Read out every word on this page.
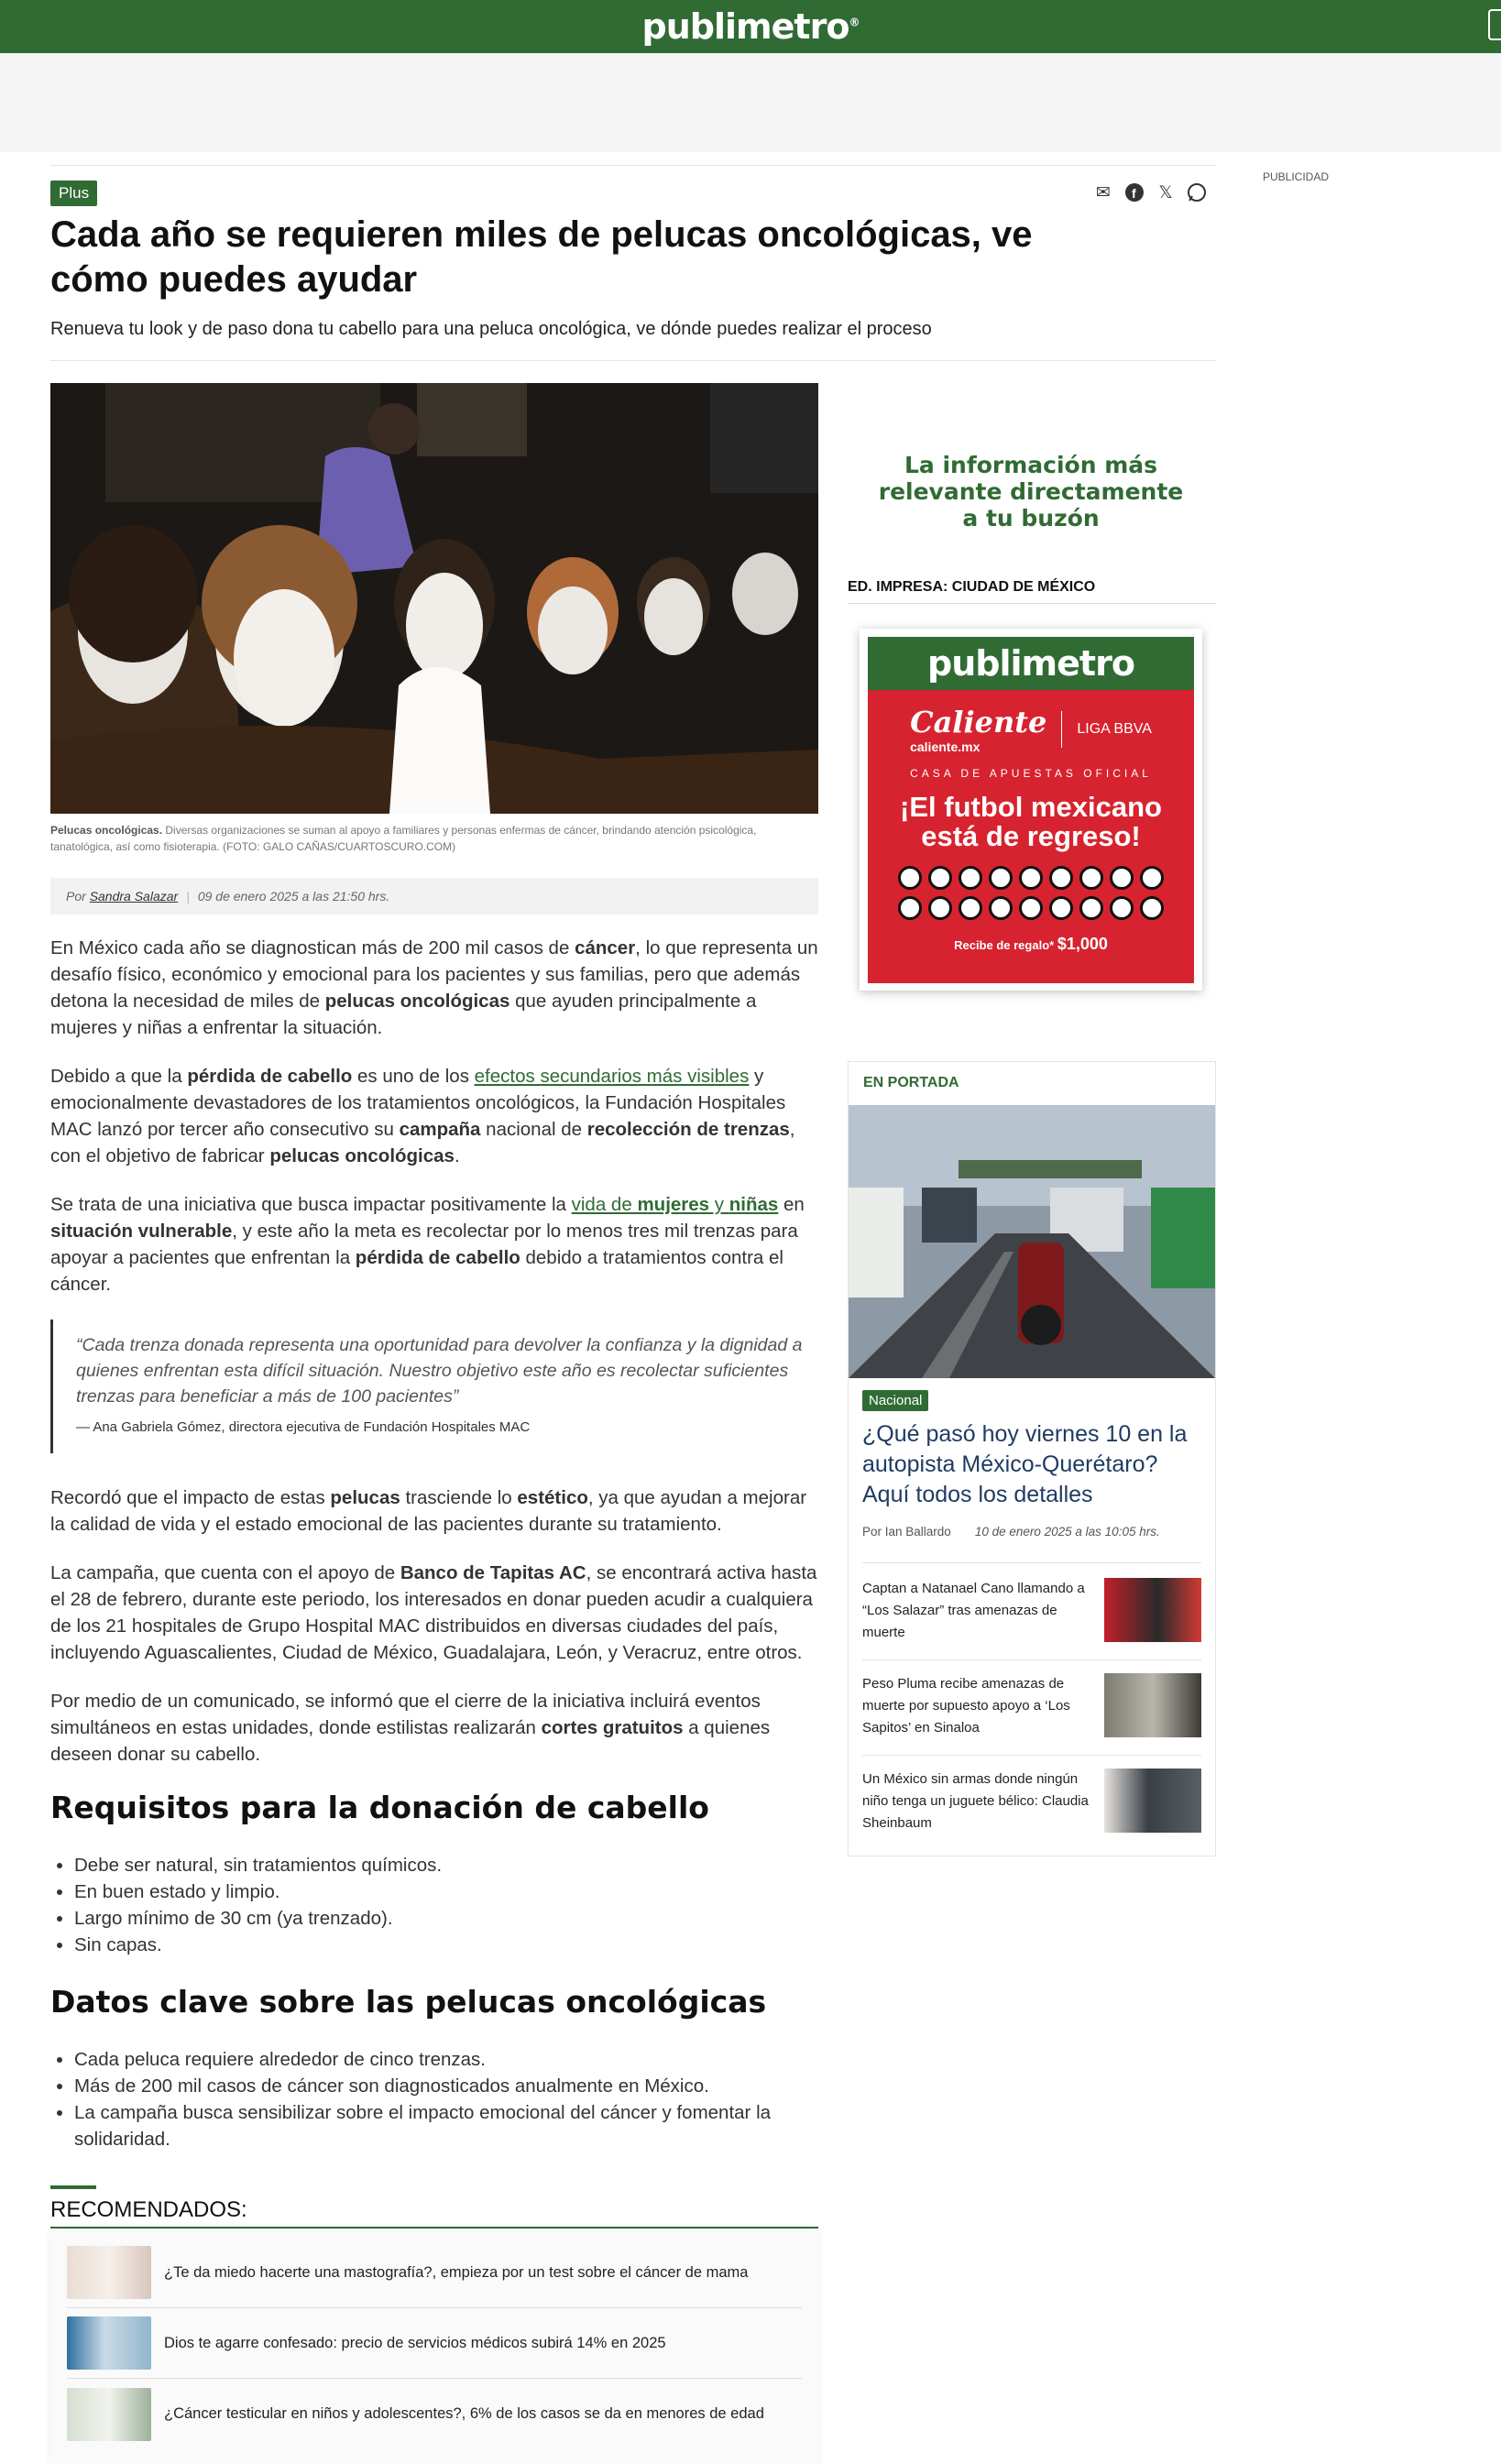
publimetro®
Plus	✉ f 𝕏
Cada año se requieren miles de pelucas oncológicas, ve cómo puedes ayudar
Renueva tu look y de paso dona tu cabello para una peluca oncológica, ve dónde puedes realizar el proceso
Pelucas oncológicas. Diversas organizaciones se suman al apoyo a familiares y personas enfermas de cáncer, brindando atención psicológica, tanatológica, así como fisioterapia. (FOTO: GALO CAÑAS/CUARTOSCURO.COM)
Por
Sandra Salazar | 09 de enero 2025 a las 21:50 hrs.

En México cada año se diagnostican más de 200 mil casos de cáncer, lo que representa un desafío físico, económico y emocional para los pacientes y sus familias, pero que además detona la necesidad de miles de pelucas oncológicas que ayuden principalmente a mujeres y niñas a enfrentar la situación.

Debido a que la pérdida de cabello es uno de los efectos secundarios más visibles y emocionalmente devastadores de los tratamientos oncológicos, la Fundación Hospitales MAC lanzó por tercer año consecutivo su campaña nacional de recolección de trenzas, con el objetivo de fabricar pelucas oncológicas.

Se trata de una iniciativa que busca impactar positivamente la vida de mujeres y niñas en situación vulnerable, y este año la meta es recolectar por lo menos tres mil trenzas para apoyar a pacientes que enfrentan la pérdida de cabello debido a tratamientos contra el cáncer.

“Cada trenza donada representa una oportunidad para devolver la confianza y la dignidad a quienes enfrentan esta difícil situación. Nuestro objetivo este año es recolectar suficientes trenzas para beneficiar a más de 100 pacientes”
— Ana Gabriela Gómez, directora ejecutiva de Fundación Hospitales MAC

Recordó que el impacto de estas pelucas trasciende lo estético, ya que ayudan a mejorar la calidad de vida y el estado emocional de las pacientes durante su tratamiento.

La campaña, que cuenta con el apoyo de Banco de Tapitas AC, se encontrará activa hasta el 28 de febrero, durante este periodo, los interesados en donar pueden acudir a cualquiera de los 21 hospitales de Grupo Hospital MAC distribuidos en diversas ciudades del país, incluyendo Aguascalientes, Ciudad de México, Guadalajara, León, y Veracruz, entre otros.

Por medio de un comunicado, se informó que el cierre de la iniciativa incluirá eventos simultáneos en estas unidades, donde estilistas realizarán cortes gratuitos a quienes deseen donar su cabello.

Requisitos para la donación de cabello
• Debe ser natural, sin tratamientos químicos.
• En buen estado y limpio.
• Largo mínimo de 30 cm (ya trenzado).
• Sin capas.
Datos clave sobre las pelucas oncológicas
• Cada peluca requiere alrededor de cinco trenzas.
• Más de 200 mil casos de cáncer son diagnosticados anualmente en México.
• La campaña busca sensibilizar sobre el impacto emocional del cáncer y fomentar la solidaridad.
RECOMENDADOS:
¿Te da miedo hacerte una mastografía?, empieza por un test sobre el cáncer de mama
Dios te agarre confesado: precio de servicios médicos subirá 14% en 2025
¿Cáncer testicular en niños y adolescentes?, 6% de los casos se da en menores de edad
PUBLICIDAD
La información más
relevante directamente
a tu buzón
ED. IMPRESA: CIUDAD DE MÉXICO
publimetro
Caliente
caliente.mx
LIGA BBVA
CASA DE APUESTAS OFICIAL
¡El futbol mexicano está de regreso!
Recibe de regalo* $1,000
EN PORTADA
Nacional
¿Qué pasó hoy viernes 10 en la autopista México-Querétaro? Aquí todos los detalles
Por Ian Ballardo 10 de enero 2025 a las 10:05 hrs.
Captan a Natanael Cano llamando a “Los Salazar” tras amenazas de muerte
Peso Pluma recibe amenazas de muerte por supuesto apoyo a ‘Los Sapitos’ en Sinaloa
Un México sin armas donde ningún niño tenga un juguete bélico: Claudia Sheinbaum
